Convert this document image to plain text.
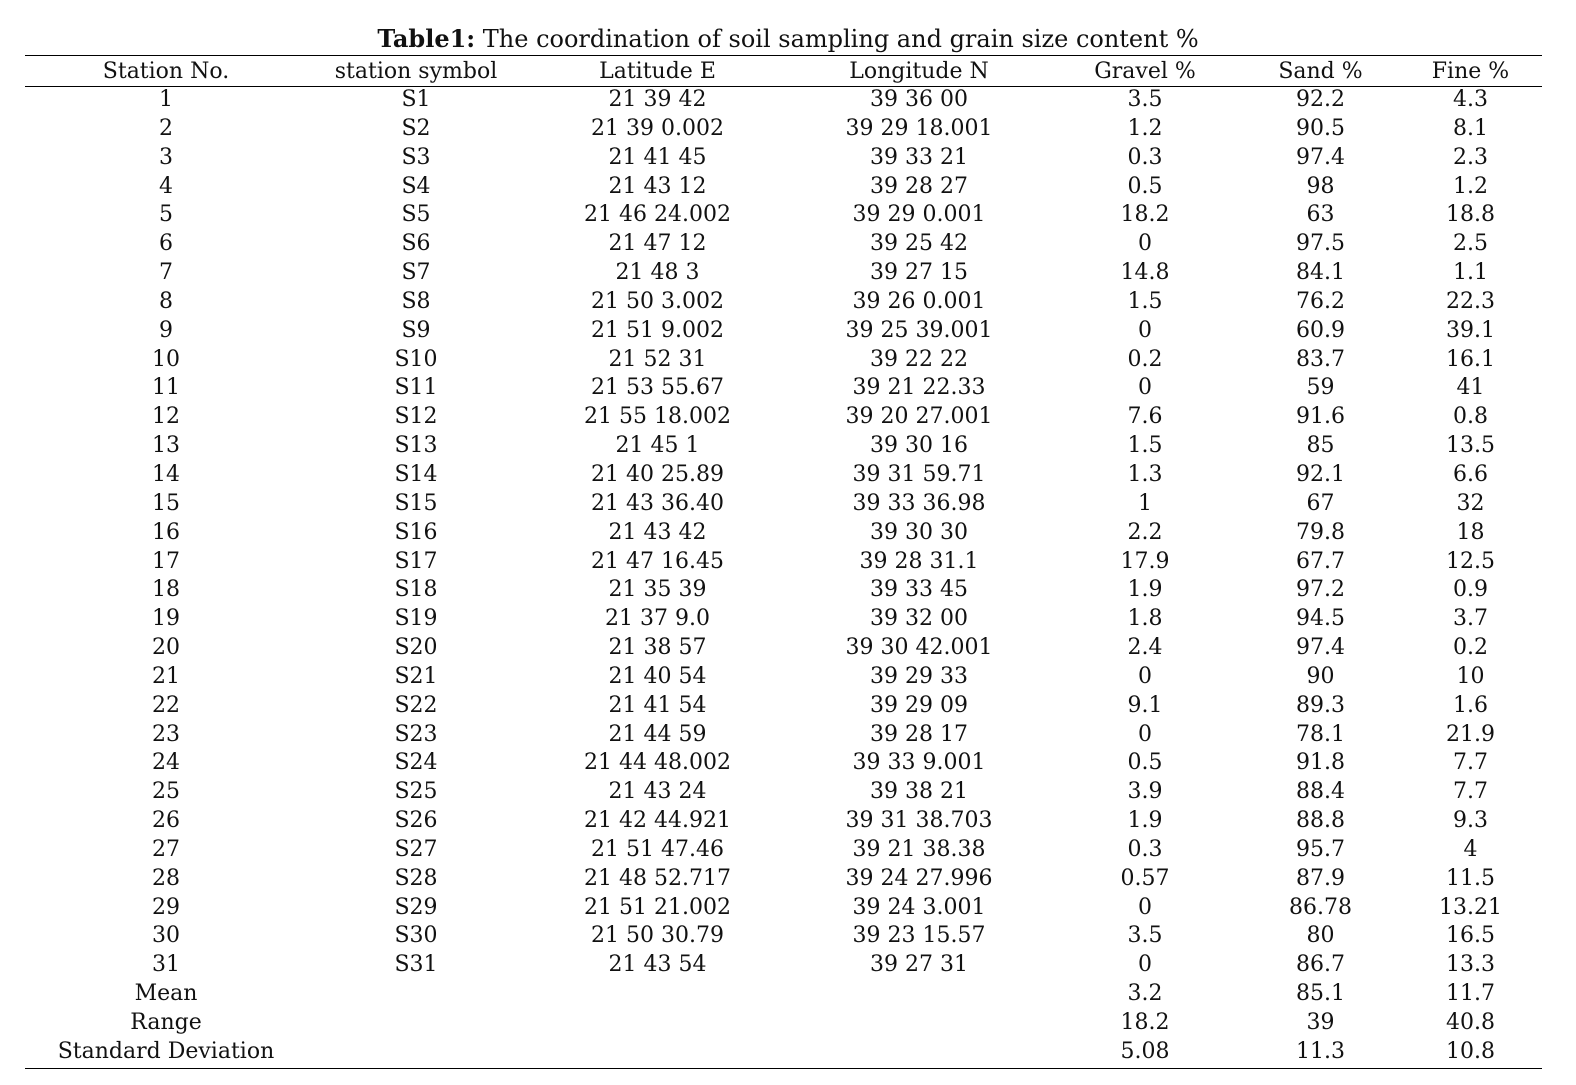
Table1: The coordination of soil sampling and grain size content %
Station No.	station symbol	Latitude E	Longitude N	Gravel %	Sand %	Fine %
1	S1	21 39 42	39 36 00	3.5	92.2	4.3
2	S2	21 39 0.002	39 29 18.001	1.2	90.5	8.1
3	S3	21 41 45	39 33 21	0.3	97.4	2.3
4	S4	21 43 12	39 28 27	0.5	98	1.2
5	S5	21 46 24.002	39 29 0.001	18.2	63	18.8
6	S6	21 47 12	39 25 42	0	97.5	2.5
7	S7	21 48 3	39 27 15	14.8	84.1	1.1
8	S8	21 50 3.002	39 26 0.001	1.5	76.2	22.3
9	S9	21 51 9.002	39 25 39.001	0	60.9	39.1
10	S10	21 52 31	39 22 22	0.2	83.7	16.1
11	S11	21 53 55.67	39 21 22.33	0	59	41
12	S12	21 55 18.002	39 20 27.001	7.6	91.6	0.8
13	S13	21 45 1	39 30 16	1.5	85	13.5
14	S14	21 40 25.89	39 31 59.71	1.3	92.1	6.6
15	S15	21 43 36.40	39 33 36.98	1	67	32
16	S16	21 43 42	39 30 30	2.2	79.8	18
17	S17	21 47 16.45	39 28 31.1	17.9	67.7	12.5
18	S18	21 35 39	39 33 45	1.9	97.2	0.9
19	S19	21 37 9.0	39 32 00	1.8	94.5	3.7
20	S20	21 38 57	39 30 42.001	2.4	97.4	0.2
21	S21	21 40 54	39 29 33	0	90	10
22	S22	21 41 54	39 29 09	9.1	89.3	1.6
23	S23	21 44 59	39 28 17	0	78.1	21.9
24	S24	21 44 48.002	39 33 9.001	0.5	91.8	7.7
25	S25	21 43 24	39 38 21	3.9	88.4	7.7
26	S26	21 42 44.921	39 31 38.703	1.9	88.8	9.3
27	S27	21 51 47.46	39 21 38.38	0.3	95.7	4
28	S28	21 48 52.717	39 24 27.996	0.57	87.9	11.5
29	S29	21 51 21.002	39 24 3.001	0	86.78	13.21
30	S30	21 50 30.79	39 23 15.57	3.5	80	16.5
31	S31	21 43 54	39 27 31	0	86.7	13.3
Mean				3.2	85.1	11.7
Range				18.2	39	40.8
Standard Deviation				5.08	11.3	10.8
